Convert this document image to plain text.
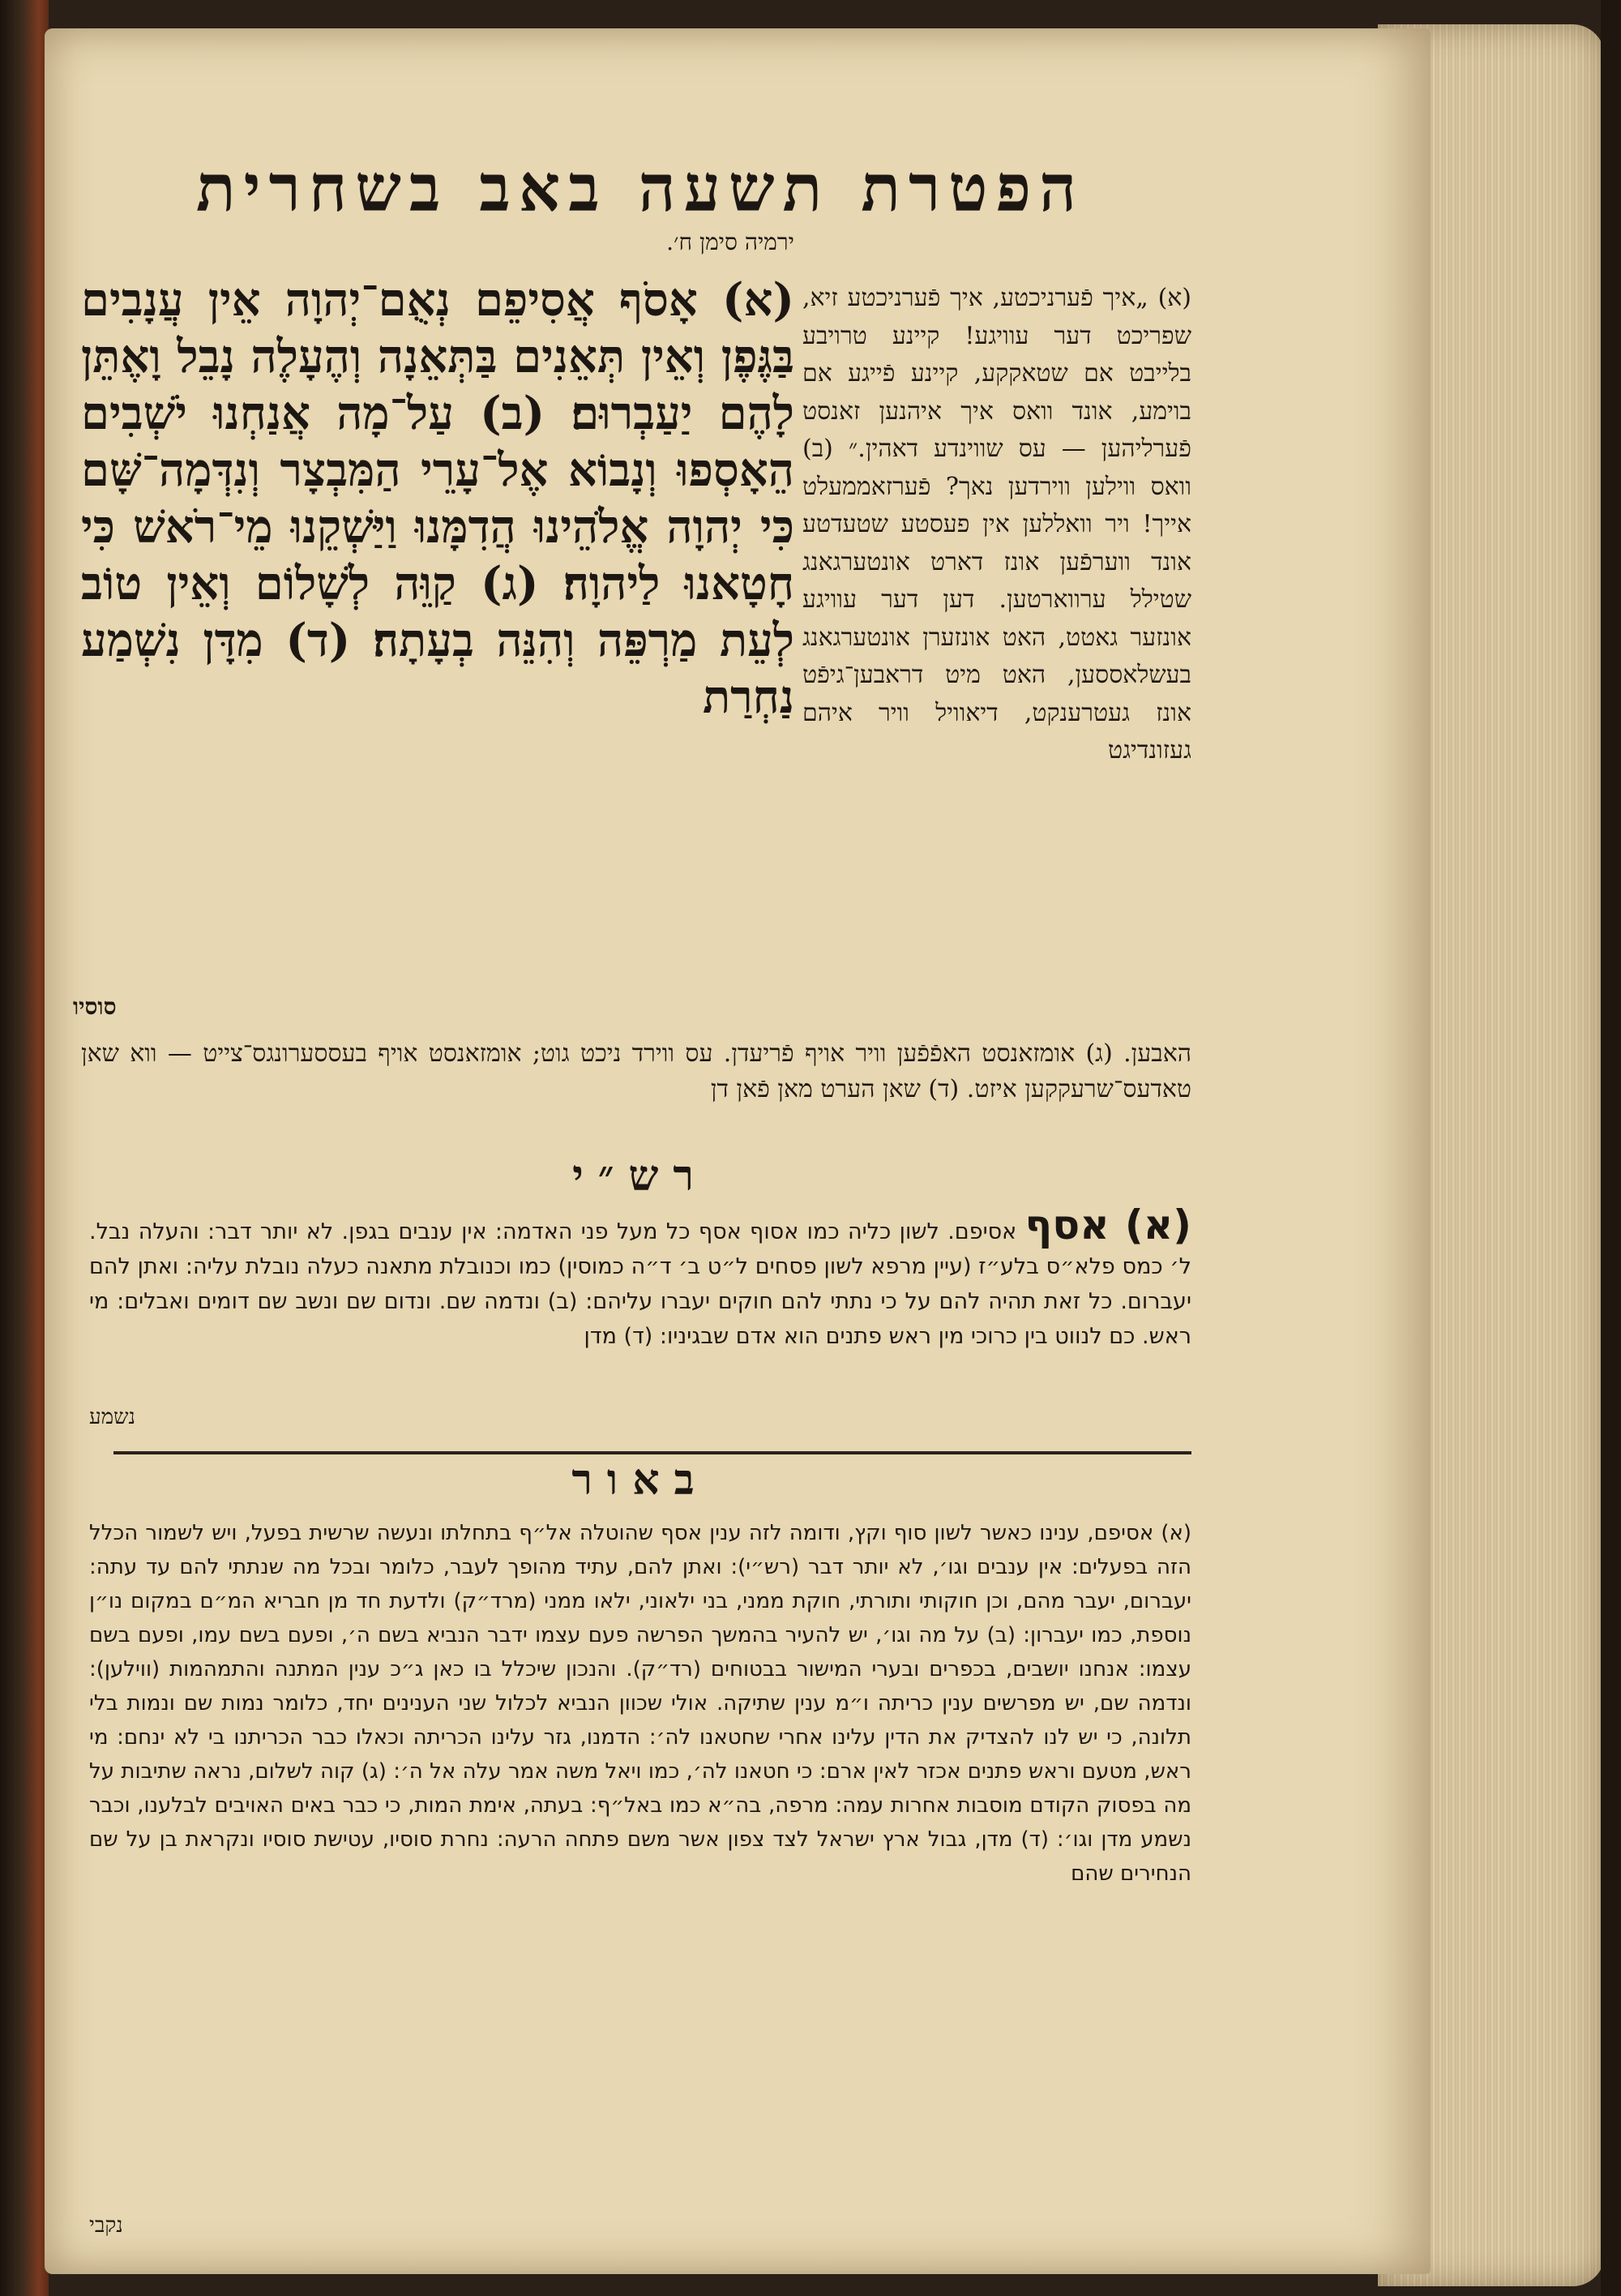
הפטרת תשעה באב בשחרית
ירמיה סימן ח׳.
(א) אָסֹף אֲסִיפֵם נְאֻם־יְהוָה אֵין עֲנָבִים בַּגֶּפֶן וְאֵין תְּאֵנִים בַּתְּאֵנָה וְהֶעָלֶה נָבֵל וָאֶתֵּן לָהֶם יַעַבְרוּם׃ (ב) עַל־מָה אֲנַחְנוּ יֹשְׁבִים הֵאָסְפוּ וְנָבוֹא אֶל־עָרֵי הַמִּבְצָר וְנִדְּמָה־שָּׁם כִּי יְהוָה אֱלֹהֵינוּ הֲדִמָּנוּ וַיַּשְׁקֵנוּ מֵי־רֹאשׁ כִּי חָטָאנוּ לַיהוָה׃ (ג) קַוֵּה לְשָׁלוֹם וְאֵין טוֹב לְעֵת מַרְפֵּה וְהִנֵּה בְעָתָה׃ (ד) מִדָּן נִשְׁמַע נַחְרַת
סוסיו
(א) „איך פֿערניכטע, איך פֿערניכטע זיא, שפריכט דער עוויגע! קיינע טרויבע בלייבט אם שטאקקע, קיינע פֿייגע אם בוימע, אונד וואס איך איהנען זאנסט פֿערליהען — עס שווינדע דאהין.״ (ב) וואס ווילען ווירדען נאך? פֿערזאממעלט אייך! ויר וואללען אין פעסטע שטעדטע אונד ווערפֿען אונז דארט אונטערגאנג שטילל ערווארטען. דען דער עוויגע אונזער גאטט, האט אונזערן אונטערגאנג בעשלאססען, האט מיט דראבען־גיפֿט אונז געטרענקט, דיאוויל וויר איהם געזונדיגט
האבען. (ג) אומזאנסט האפֿפֿען וויר אויף פֿריעדן. עס ווירד ניכט גוט; אומזאנסט אויף בעססערונגס־צייט — ווא שאן טאדעס־שרעקקען איזט. (ד) שאן הערט מאן פֿאן דן
רש״י
(א) אסף אסיפם. לשון כליה כמו אסוף אסף כל מעל פני האדמה: אין ענבים בגפן. לא יותר דבר: והעלה נבל. ל׳ כמס פלא״ס בלע״ז (עיין מרפא לשון פסחים ל״ט ב׳ ד״ה כמוסין) כמו וכנובלת מתאנה כעלה נובלת עליה: ואתן להם יעברום. כל זאת תהיה להם על כי נתתי להם חוקים יעברו עליהם: (ב) ונדמה שם. ונדום שם ונשב שם דומים ואבלים: מי ראש. כם לנווט בין כרוכי מין ראש פתנים הוא אדם שבגיניו: (ד) מדן
נשמע
באור
(א) אסיפם, ענינו כאשר לשון סוף וקץ, ודומה לזה ענין אסף שהוטלה אל״ף בתחלתו ונעשה שרשית בפעל, ויש לשמור הכלל הזה בפעלים: אין ענבים וגו׳, לא יותר דבר (רש״י): ואתן להם, עתיד מהופך לעבר, כלומר ובכל מה שנתתי להם עד עתה: יעברום, יעבר מהם, וכן חוקותי ותורתי, חוקת ממני, בני ילאוני, ילאו ממני (מרד״ק) ולדעת חד מן חבריא המ״ם במקום נו״ן נוספת, כמו יעברון: (ב) על מה וגו׳, יש להעיר בהמשך הפרשה פעם עצמו ידבר הנביא בשם ה׳, ופעם בשם עמו, ופעם בשם עצמו: אנחנו יושבים, בכפרים ובערי המישור בבטוחים (רד״ק). והנכון שיכלל בו כאן ג״כ ענין המתנה והתמהמות (ווילען): ונדמה שם, יש מפרשים ענין כריתה ו״מ ענין שתיקה. אולי שכוון הנביא לכלול שני הענינים יחד, כלומר נמות שם ונמות בלי תלונה, כי יש לנו להצדיק את הדין עלינו אחרי שחטאנו לה׳: הדמנו, גזר עלינו הכריתה וכאלו כבר הכריתנו בי לא ינחם: מי ראש, מטעם וראש פתנים אכזר לאין ארם: כי חטאנו לה׳, כמו ויאל משה אמר עלה אל ה׳: (ג) קוה לשלום, נראה שתיבות על מה בפסוק הקודם מוסבות אחרות עמה: מרפה, בה״א כמו באל״ף: בעתה, אימת המות, כי כבר באים האויבים לבלענו, וכבר נשמע מדן וגו׳: (ד) מדן, גבול ארץ ישראל לצד צפון אשר משם פתחה הרעה: נחרת סוסיו, עטישת סוסיו ונקראת בן על שם הנחירים שהם
נקבי
